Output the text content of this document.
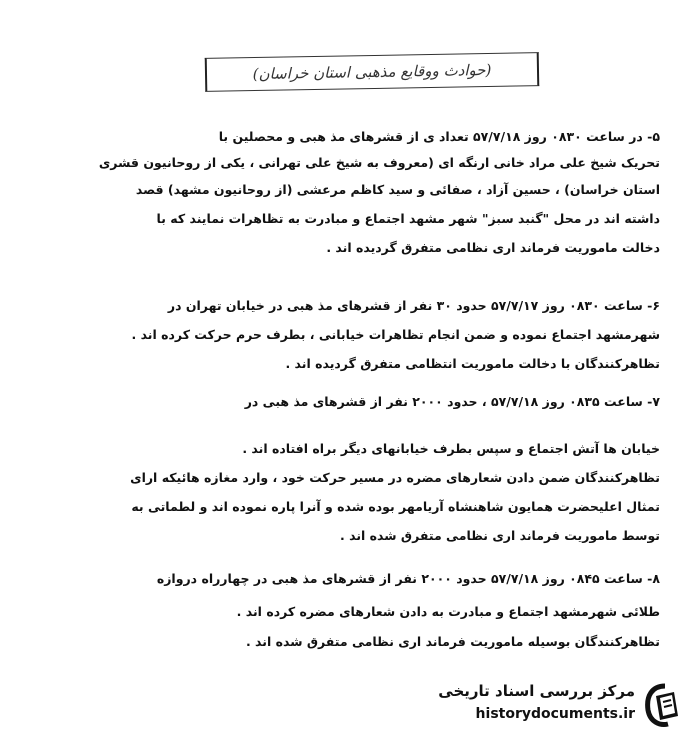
(حوادث ووقایع مذهبی استان خراسان)
۵- در ساعت ۰۸۳۰ روز ۵۷/۷/۱۸ تعداد ی از قشرهای مذ هبی و محصلین با
تحریک شیخ علی مراد خانی ارنگه ای (معروف به شیخ علی تهرانی ، یکی از روحانیون قشری
استان خراسان) ، حسین آزاد ، صفائی و سید کاظم مرعشی (از روحانیون مشهد) قصد
داشته اند در محل "گنبد سبز" شهر مشهد اجتماع و مبادرت به تظاهرات نمایند که با
دخالت ماموریت فرماند اری نظامی متفرق گردیده اند .
۶- ساعت ۰۸۳۰ روز ۵۷/۷/۱۷ حدود ۳۰ نفر از قشرهای مذ هبی در خیابان تهران در
شهرمشهد اجتماع نموده و ضمن انجام تظاهرات خیابانی ، بطرف حرم حرکت کرده اند .
تظاهرکنندگان با دخالت ماموریت انتظامی متفرق گردیده اند .
۷- ساعت ۰۸۳۵ روز ۵۷/۷/۱۸ ، حدود ۲۰۰۰ نفر از قشرهای مذ هبی در
خیابان ها آتش اجتماع و سپس بطرف خیابانهای دیگر براه افتاده اند .
تظاهرکنندگان ضمن دادن شعارهای مضره در مسیر حرکت خود ، وارد مغازه هائیکه ارای
تمثال اعلیحضرت همایون شاهنشاه آریامهر بوده شده و آنرا پاره نموده اند و لطماتی به
توسط ماموریت فرماند اری نظامی متفرق شده اند .
۸- ساعت ۰۸۴۵ روز ۵۷/۷/۱۸ حدود ۲۰۰۰ نفر از قشرهای مذ هبی در چهارراه دروازه
طلائی شهرمشهد اجتماع و مبادرت به دادن شعارهای مضره کرده اند .
تظاهرکنندگان بوسیله ماموریت فرماند اری نظامی متفرق شده اند .
مرکز بررسی اسناد تاریخی
historydocuments.ir
